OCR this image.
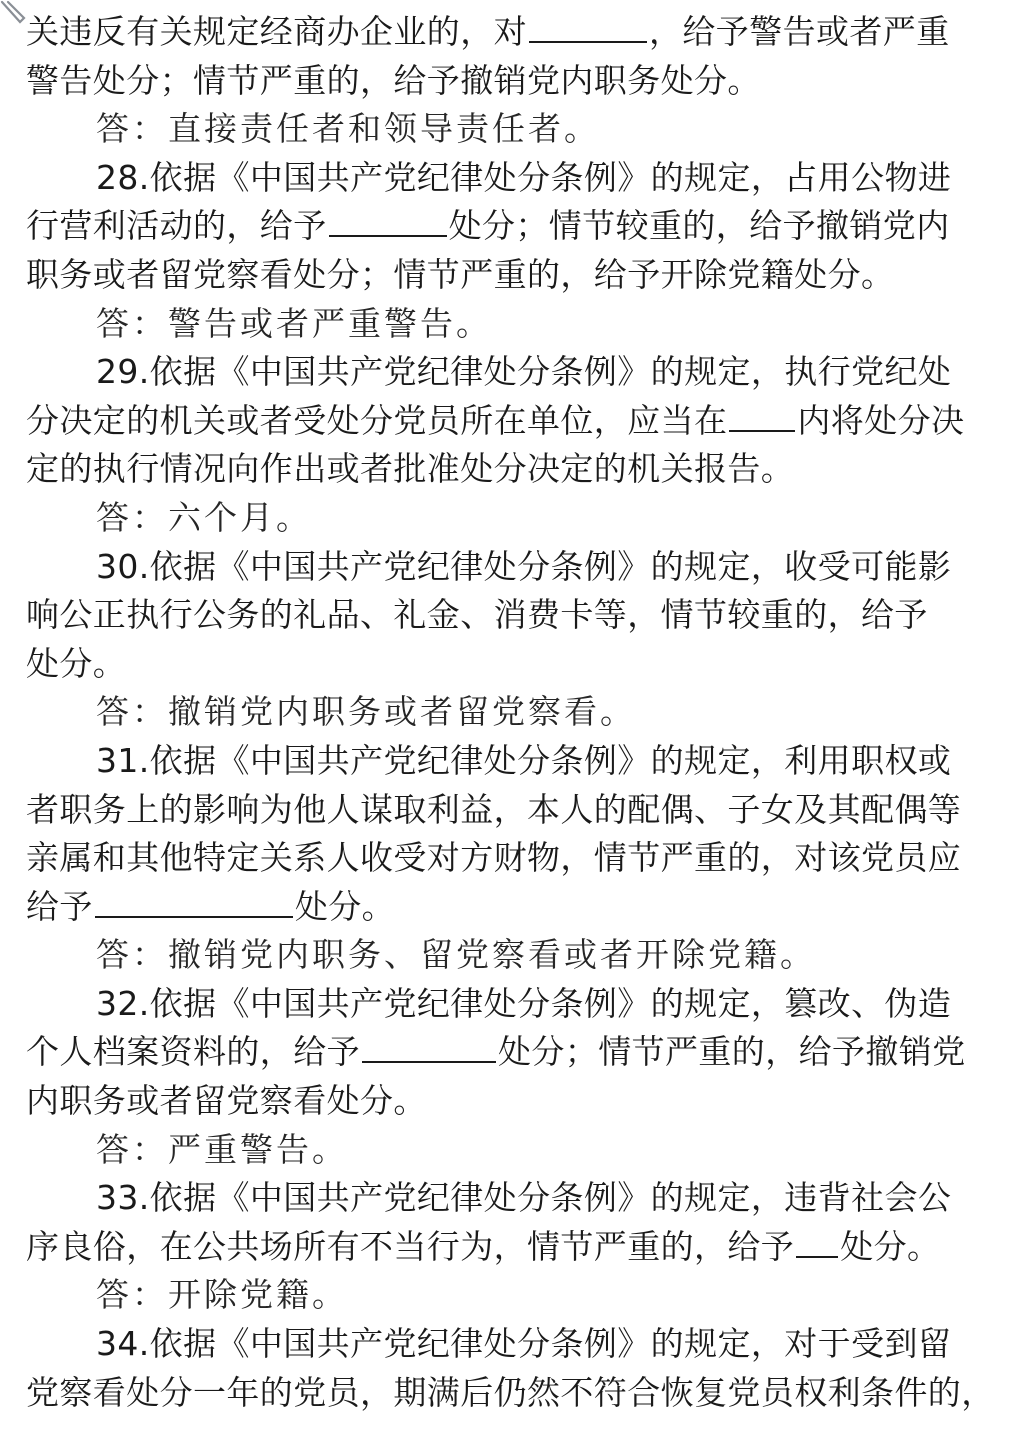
关违反有关规定经商办企业的，对	，给予警告或者严重
警告处分；情节严重的，给予撤销党内职务处分。
答：直接责任者和领导责任者。
28.依据《中国共产党纪律处分条例》的规定，占用公物进
行营利活动的，给予	处分；情节较重的，给予撤销党内
职务或者留党察看处分；情节严重的，给予开除党籍处分。
答：警告或者严重警告。
29.依据《中国共产党纪律处分条例》的规定，执行党纪处
分决定的机关或者受处分党员所在单位，应当在 内将处分决
定的执行情况向作出或者批准处分决定的机关报告。
答：六个月。
30.依据《中国共产党纪律处分条例》的规定，收受可能影
响公正执行公务的礼品、礼金、消费卡等，情节较重的，给予
处分。
答：撤销党内职务或者留党察看。
31.依据《中国共产党纪律处分条例》的规定，利用职权或
者职务上的影响为他人谋取利益，本人的配偶、子女及其配偶等
亲属和其他特定关系人收受对方财物，情节严重的，对该党员应
给予	处分。
答：撤销党内职务、留党察看或者开除党籍。
32.依据《中国共产党纪律处分条例》的规定，篡改、伪造
个人档案资料的，给予	处分；情节严重的，给予撤销党
内职务或者留党察看处分。
答：严重警告。
33.依据《中国共产党纪律处分条例》的规定，违背社会公
序良俗，在公共场所有不当行为，情节严重的，给予 处分。
答：开除党籍。
34.依据《中国共产党纪律处分条例》的规定，对于受到留
党察看处分一年的党员，期满后仍然不符合恢复党员权利条件的，
